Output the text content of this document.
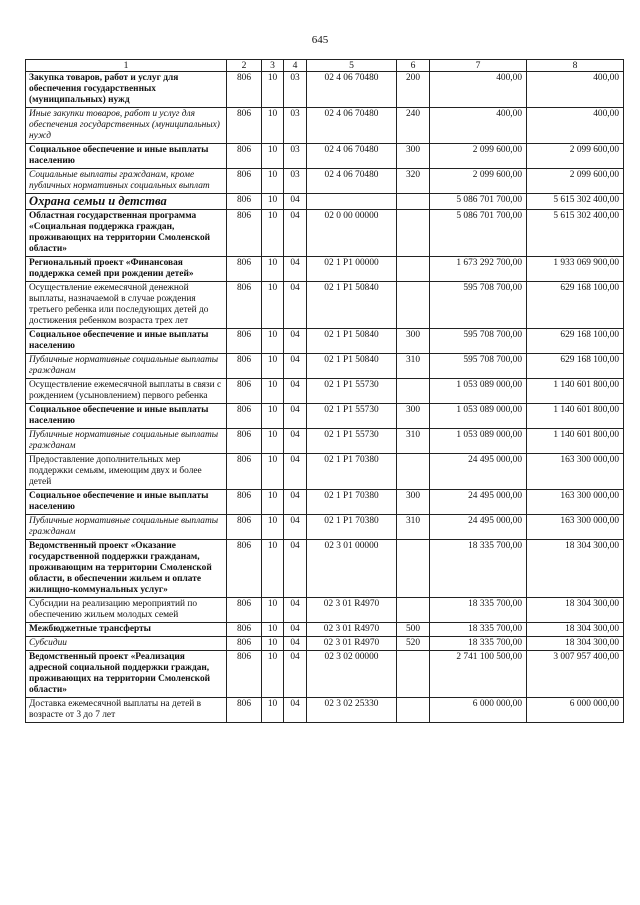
645
1	2	3	4	5	6	7	8
Закупка товаров, работ и услуг для обеспечения государственных (муниципальных) нужд	806	10	03	02 4 06 70480	200	400,00	400,00
Иные закупки товаров, работ и услуг для обеспечения государственных (муниципальных) нужд	806	10	03	02 4 06 70480	240	400,00	400,00
Социальное обеспечение и иные выплаты населению	806	10	03	02 4 06 70480	300	2 099 600,00	2 099 600,00
Социальные выплаты гражданам, кроме публичных нормативных социальных выплат	806	10	03	02 4 06 70480	320	2 099 600,00	2 099 600,00
Охрана семьи и детства	806	10	04			5 086 701 700,00	5 615 302 400,00
Областная государственная программа «Социальная поддержка граждан, проживающих на территории Смоленской области»	806	10	04	02 0 00 00000		5 086 701 700,00	5 615 302 400,00
Региональный проект «Финансовая поддержка семей при рождении детей»	806	10	04	02 1 Р1 00000		1 673 292 700,00	1 933 069 900,00
Осуществление ежемесячной денежной выплаты, назначаемой в случае рождения третьего ребенка или последующих детей до достижения ребенком возраста трех лет	806	10	04	02 1 Р1 50840		595 708 700,00	629 168 100,00
Социальное обеспечение и иные выплаты населению	806	10	04	02 1 Р1 50840	300	595 708 700,00	629 168 100,00
Публичные нормативные социальные выплаты гражданам	806	10	04	02 1 Р1 50840	310	595 708 700,00	629 168 100,00
Осуществление ежемесячной выплаты в связи с рождением (усыновлением) первого ребенка	806	10	04	02 1 Р1 55730		1 053 089 000,00	1 140 601 800,00
Социальное обеспечение и иные выплаты населению	806	10	04	02 1 Р1 55730	300	1 053 089 000,00	1 140 601 800,00
Публичные нормативные социальные выплаты гражданам	806	10	04	02 1 Р1 55730	310	1 053 089 000,00	1 140 601 800,00
Предоставление дополнительных мер поддержки семьям, имеющим двух и более детей	806	10	04	02 1 Р1 70380		24 495 000,00	163 300 000,00
Социальное обеспечение и иные выплаты населению	806	10	04	02 1 Р1 70380	300	24 495 000,00	163 300 000,00
Публичные нормативные социальные выплаты гражданам	806	10	04	02 1 Р1 70380	310	24 495 000,00	163 300 000,00
Ведомственный проект «Оказание государственной поддержки гражданам, проживающим на территории Смоленской области, в обеспечении жильем и оплате жилищно-коммунальных услуг»	806	10	04	02 3 01 00000		18 335 700,00	18 304 300,00
Субсидии на реализацию мероприятий по обеспечению жильем молодых семей	806	10	04	02 3 01 R4970		18 335 700,00	18 304 300,00
Межбюджетные трансферты	806	10	04	02 3 01 R4970	500	18 335 700,00	18 304 300,00
Субсидии	806	10	04	02 3 01 R4970	520	18 335 700,00	18 304 300,00
Ведомственный проект «Реализация адресной социальной поддержки граждан, проживающих на территории Смоленской области»	806	10	04	02 3 02 00000		2 741 100 500,00	3 007 957 400,00
Доставка ежемесячной выплаты на детей в возрасте от 3 до 7 лет	806	10	04	02 3 02 25330		6 000 000,00	6 000 000,00
